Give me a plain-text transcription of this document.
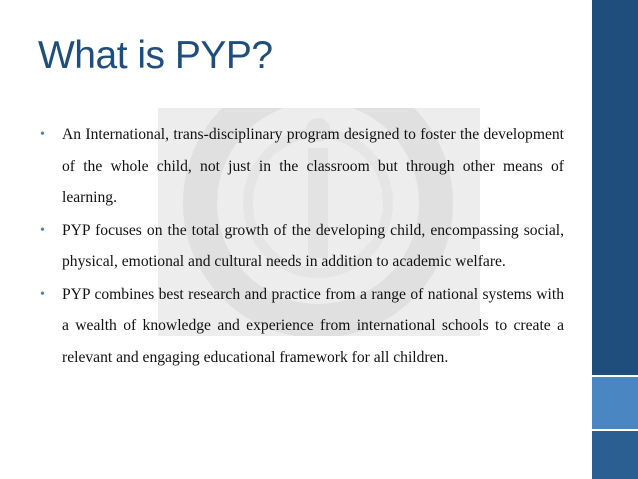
What is PYP?
• An International, trans-disciplinary program designed to foster the development of the whole child, not just in the classroom but through other means of learning.
• PYP focuses on the total growth of the developing child, encompassing social, physical, emotional and cultural needs in addition to academic welfare.
• PYP combines best research and practice from a range of national systems with a wealth of knowledge and experience from international schools to create a relevant and engaging educational framework for all children.
